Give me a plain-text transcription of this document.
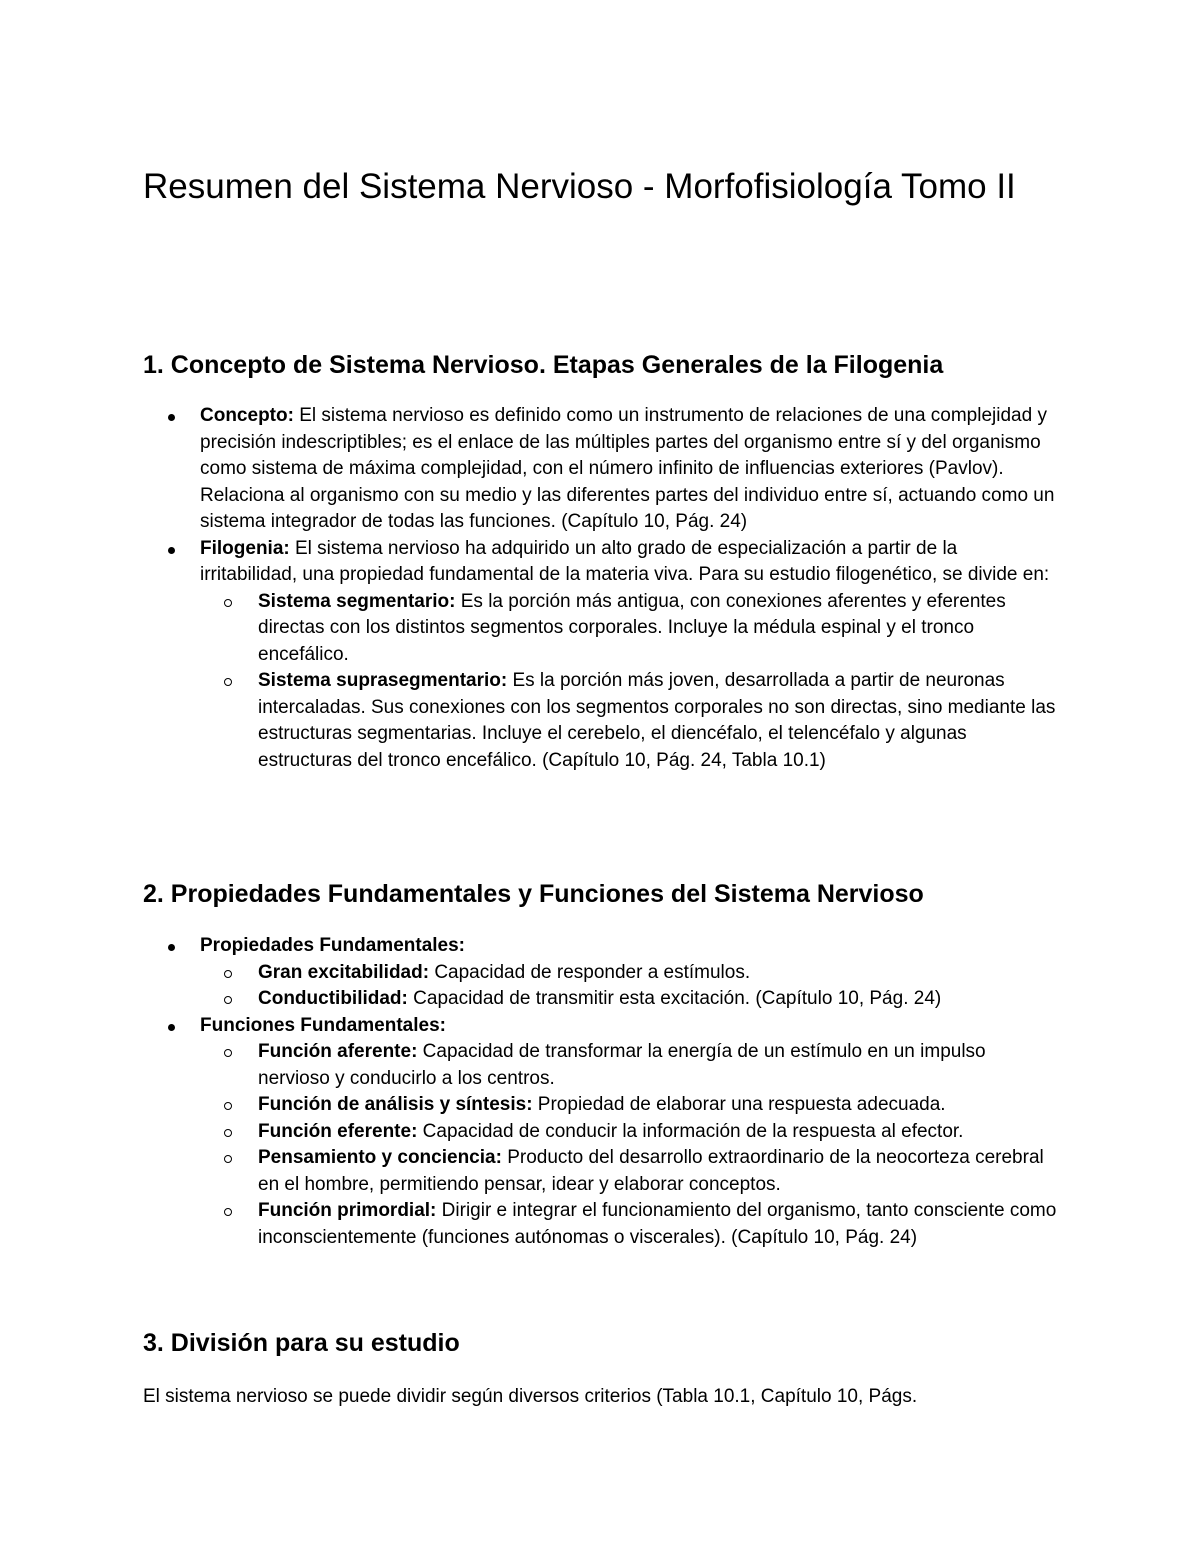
Resumen del Sistema Nervioso - Morfofisiología Tomo II
1. Concepto de Sistema Nervioso. Etapas Generales de la Filogenia
Concepto: El sistema nervioso es definido como un instrumento de relaciones de una complejidad y precisión indescriptibles; es el enlace de las múltiples partes del organismo entre sí y del organismo como sistema de máxima complejidad, con el número infinito de influencias exteriores (Pavlov). Relaciona al organismo con su medio y las diferentes partes del individuo entre sí, actuando como un sistema integrador de todas las funciones. (Capítulo 10, Pág. 24)
Filogenia: El sistema nervioso ha adquirido un alto grado de especialización a partir de la irritabilidad, una propiedad fundamental de la materia viva. Para su estudio filogenético, se divide en:
Sistema segmentario: Es la porción más antigua, con conexiones aferentes y eferentes directas con los distintos segmentos corporales. Incluye la médula espinal y el tronco encefálico.
Sistema suprasegmentario: Es la porción más joven, desarrollada a partir de neuronas intercaladas. Sus conexiones con los segmentos corporales no son directas, sino mediante las estructuras segmentarias. Incluye el cerebelo, el diencéfalo, el telencéfalo y algunas estructuras del tronco encefálico. (Capítulo 10, Pág. 24, Tabla 10.1)
2. Propiedades Fundamentales y Funciones del Sistema Nervioso
Propiedades Fundamentales:
Gran excitabilidad: Capacidad de responder a estímulos.
Conductibilidad: Capacidad de transmitir esta excitación. (Capítulo 10, Pág. 24)
Funciones Fundamentales:
Función aferente: Capacidad de transformar la energía de un estímulo en un impulso nervioso y conducirlo a los centros.
Función de análisis y síntesis: Propiedad de elaborar una respuesta adecuada.
Función eferente: Capacidad de conducir la información de la respuesta al efector.
Pensamiento y conciencia: Producto del desarrollo extraordinario de la neocorteza cerebral en el hombre, permitiendo pensar, idear y elaborar conceptos.
Función primordial: Dirigir e integrar el funcionamiento del organismo, tanto consciente como inconscientemente (funciones autónomas o viscerales). (Capítulo 10, Pág. 24)
3. División para su estudio

El sistema nervioso se puede dividir según diversos criterios (Tabla 10.1, Capítulo 10, Págs.
